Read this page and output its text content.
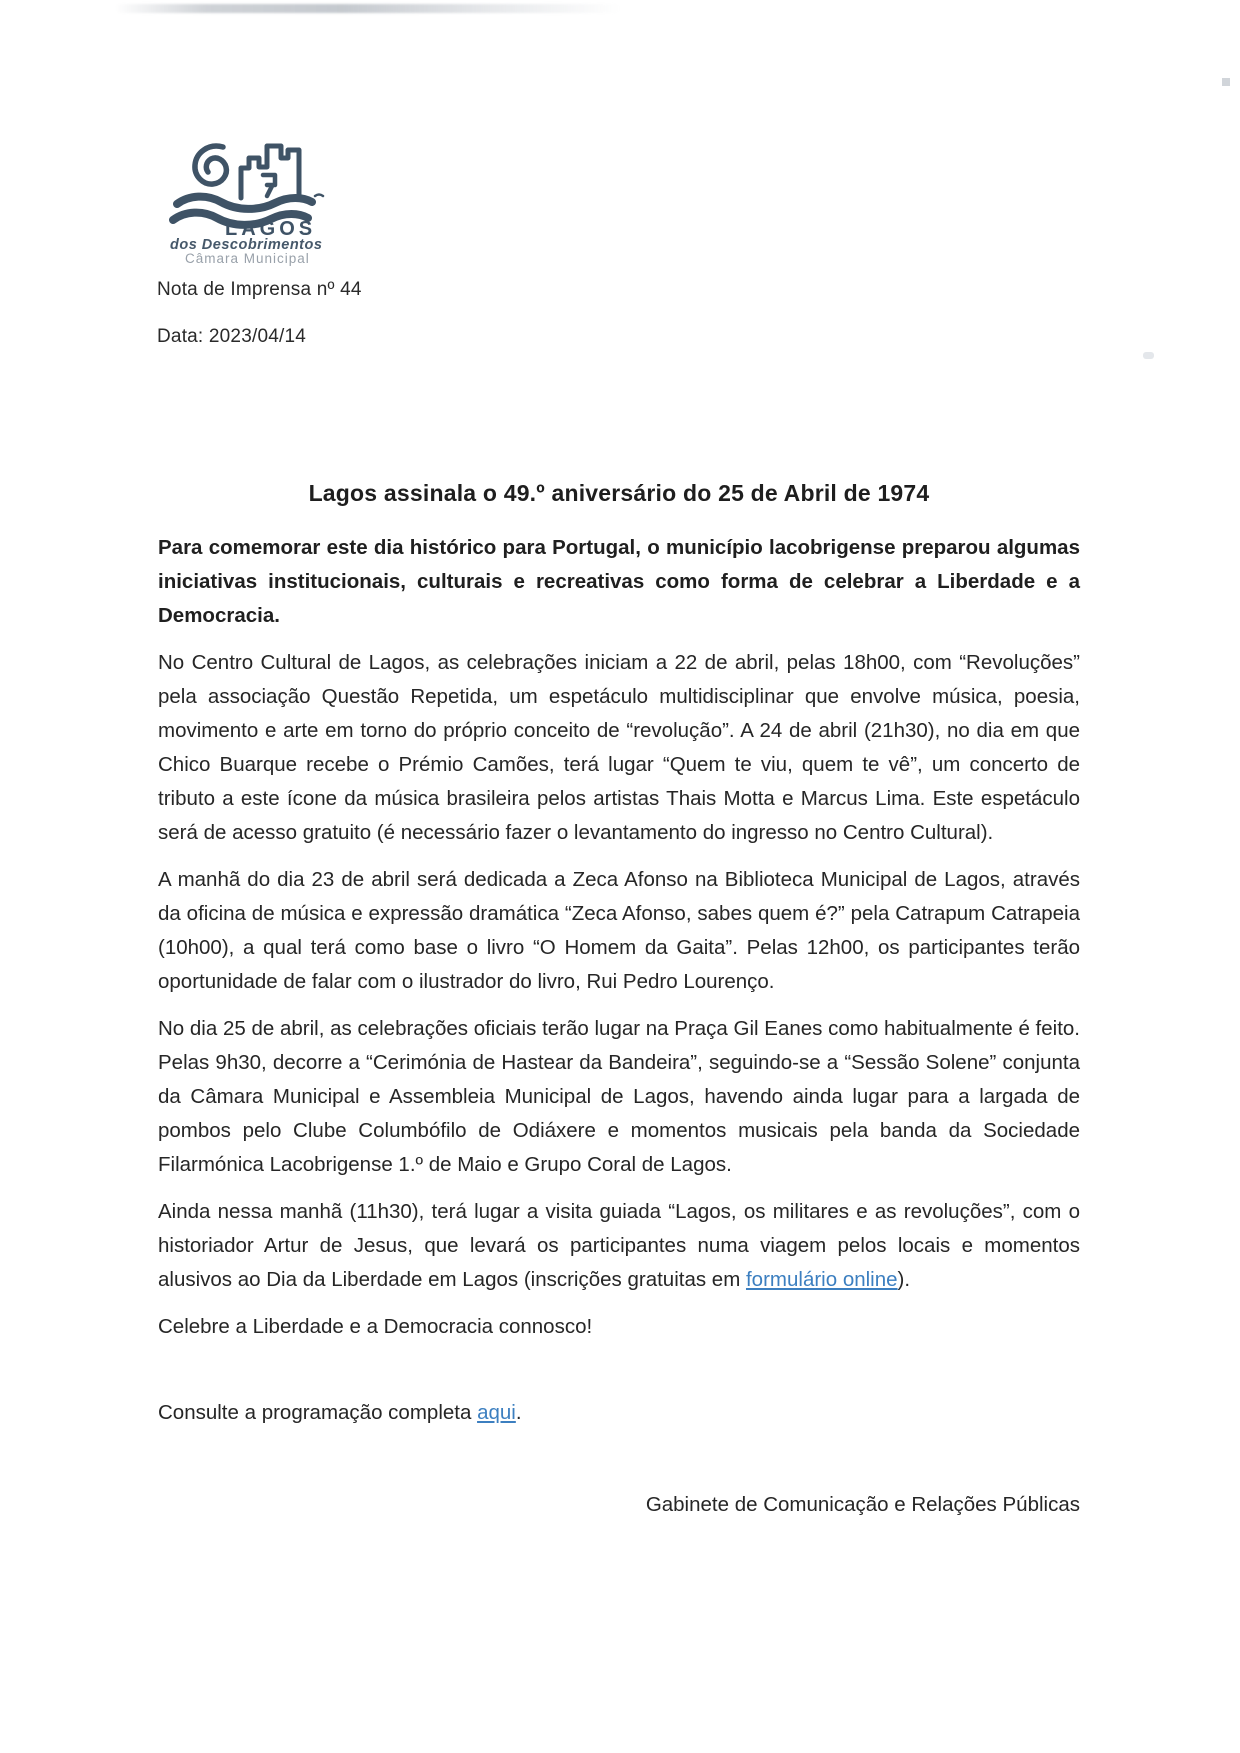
LAGOS
dos Descobrimentos
Câmara Municipal
Nota de Imprensa nº 44
Data: 2023/04/14
Lagos assinala o 49.º aniversário do 25 de Abril de 1974

Para comemorar este dia histórico para Portugal, o município lacobrigense preparou algumas iniciativas institucionais, culturais e recreativas como forma de celebrar a Liberdade e a Democracia.

No Centro Cultural de Lagos, as celebrações iniciam a 22 de abril, pelas 18h00, com “Revoluções” pela associação Questão Repetida, um espetáculo multidisciplinar que envolve música, poesia, movimento e arte em torno do próprio conceito de “revolução”. A 24 de abril (21h30), no dia em que Chico Buarque recebe o Prémio Camões, terá lugar “Quem te viu, quem te vê”, um concerto de tributo a este ícone da música brasileira pelos artistas Thais Motta e Marcus Lima. Este espetáculo será de acesso gratuito (é necessário fazer o levantamento do ingresso no Centro Cultural).

A manhã do dia 23 de abril será dedicada a Zeca Afonso na Biblioteca Municipal de Lagos, através da oficina de música e expressão dramática “Zeca Afonso, sabes quem é?” pela Catrapum Catrapeia (10h00), a qual terá como base o livro “O Homem da Gaita”. Pelas 12h00, os participantes terão oportunidade de falar com o ilustrador do livro, Rui Pedro Lourenço.

No dia 25 de abril, as celebrações oficiais terão lugar na Praça Gil Eanes como habitualmente é feito. Pelas 9h30, decorre a “Cerimónia de Hastear da Bandeira”, seguindo-se a “Sessão Solene” conjunta da Câmara Municipal e Assembleia Municipal de Lagos, havendo ainda lugar para a largada de pombos pelo Clube Columbófilo de Odiáxere e momentos musicais pela banda da Sociedade Filarmónica Lacobrigense 1.º de Maio e Grupo Coral de Lagos.

Ainda nessa manhã (11h30), terá lugar a visita guiada “Lagos, os militares e as revoluções”, com o historiador Artur de Jesus, que levará os participantes numa viagem pelos locais e momentos alusivos ao Dia da Liberdade em Lagos (inscrições gratuitas em formulário online).

Celebre a Liberdade e a Democracia connosco!

Consulte a programação completa aqui.

Gabinete de Comunicação e Relações Públicas
